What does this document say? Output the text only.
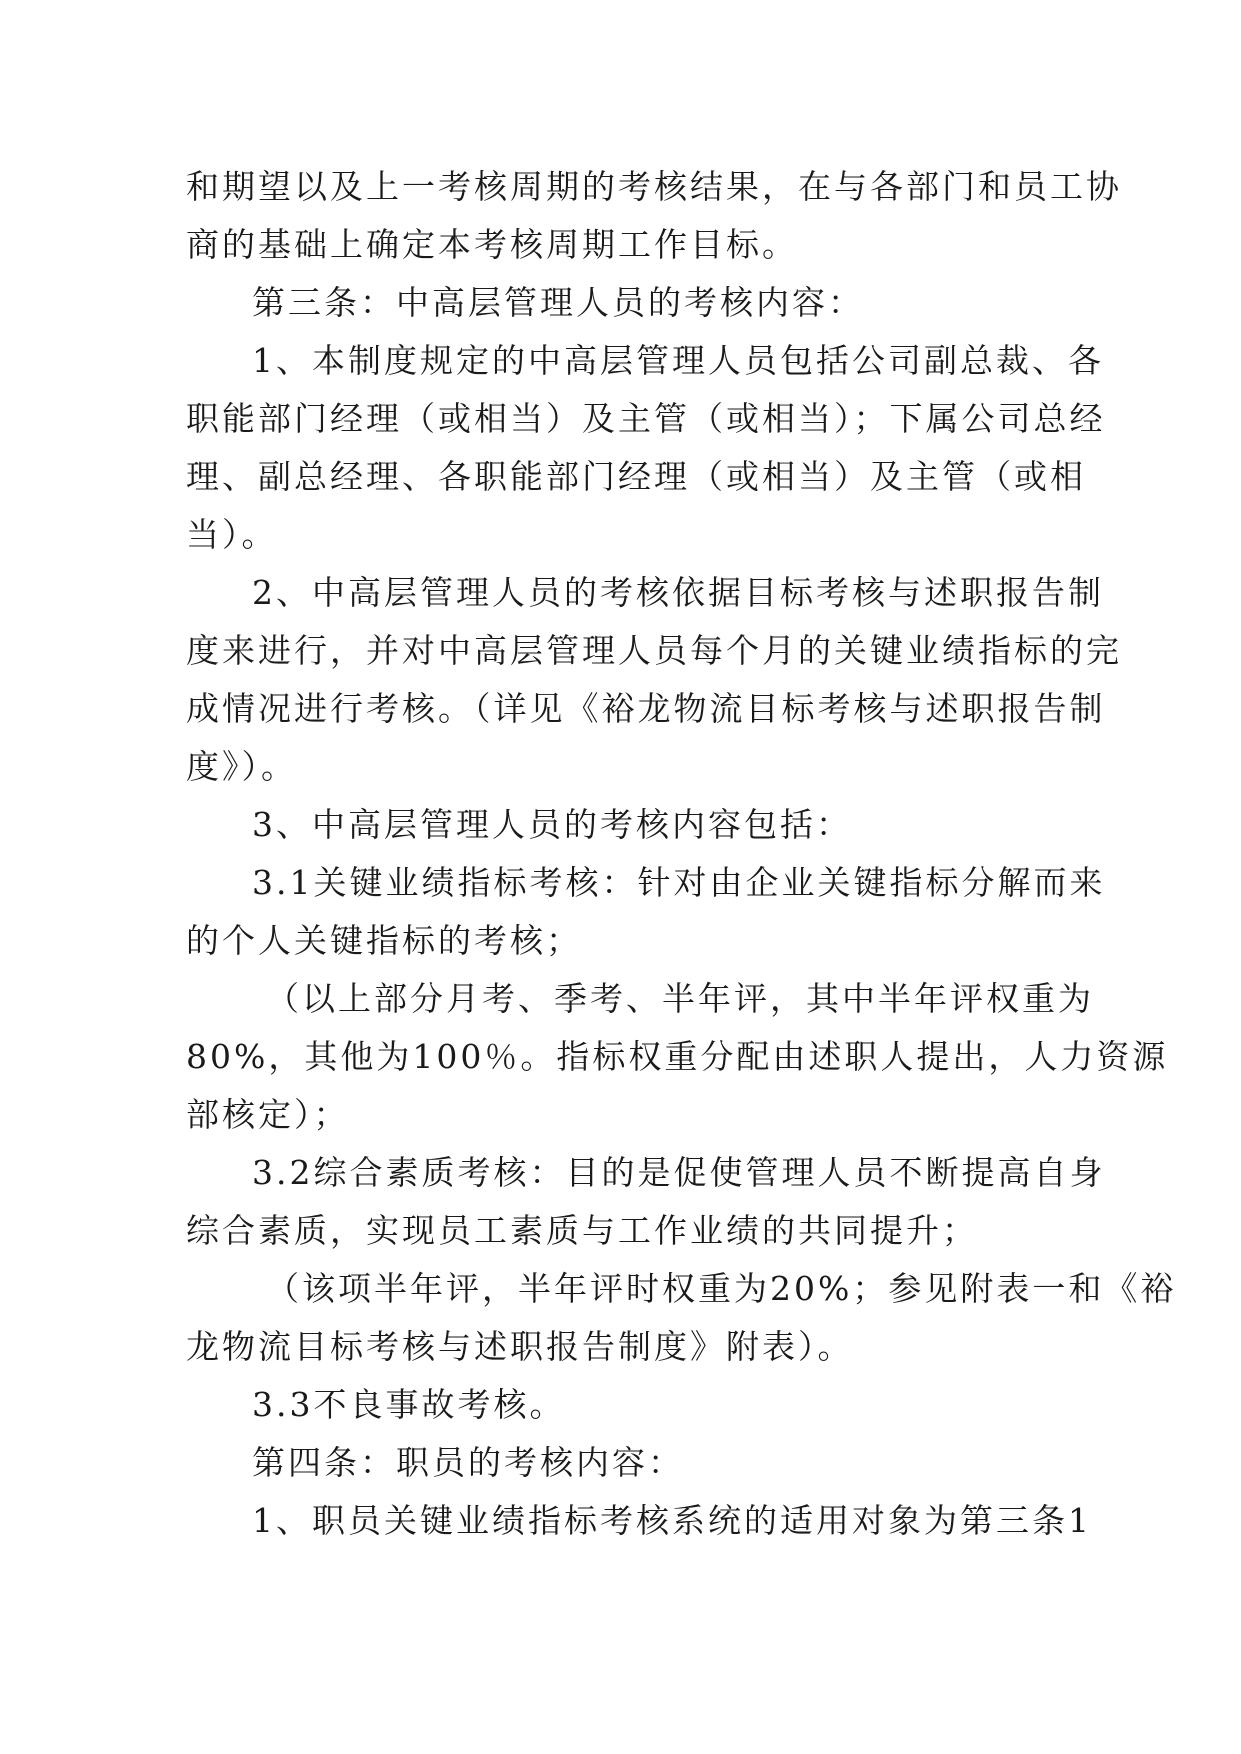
和期望以及上一考核周期的考核结果，在与各部门和员工协
商的基础上确定本考核周期工作目标。
第三条：中高层管理人员的考核内容：
1、本制度规定的中高层管理人员包括公司副总裁、各
职能部门经理（或相当）及主管（或相当）；下属公司总经
理、副总经理、各职能部门经理（或相当）及主管（或相
当）。
2、中高层管理人员的考核依据目标考核与述职报告制
度来进行，并对中高层管理人员每个月的关键业绩指标的完
成情况进行考核。（详见《裕龙物流目标考核与述职报告制
度》）。
3、中高层管理人员的考核内容包括：
3.1关键业绩指标考核：针对由企业关键指标分解而来
的个人关键指标的考核；
（以上部分月考、季考、半年评，其中半年评权重为
80%，其他为100％。指标权重分配由述职人提出，人力资源
部核定）；
3.2综合素质考核：目的是促使管理人员不断提高自身
综合素质，实现员工素质与工作业绩的共同提升；
（该项半年评，半年评时权重为20%；参见附表一和《裕
龙物流目标考核与述职报告制度》附表）。
3.3不良事故考核。
第四条：职员的考核内容：
1、职员关键业绩指标考核系统的适用对象为第三条1
